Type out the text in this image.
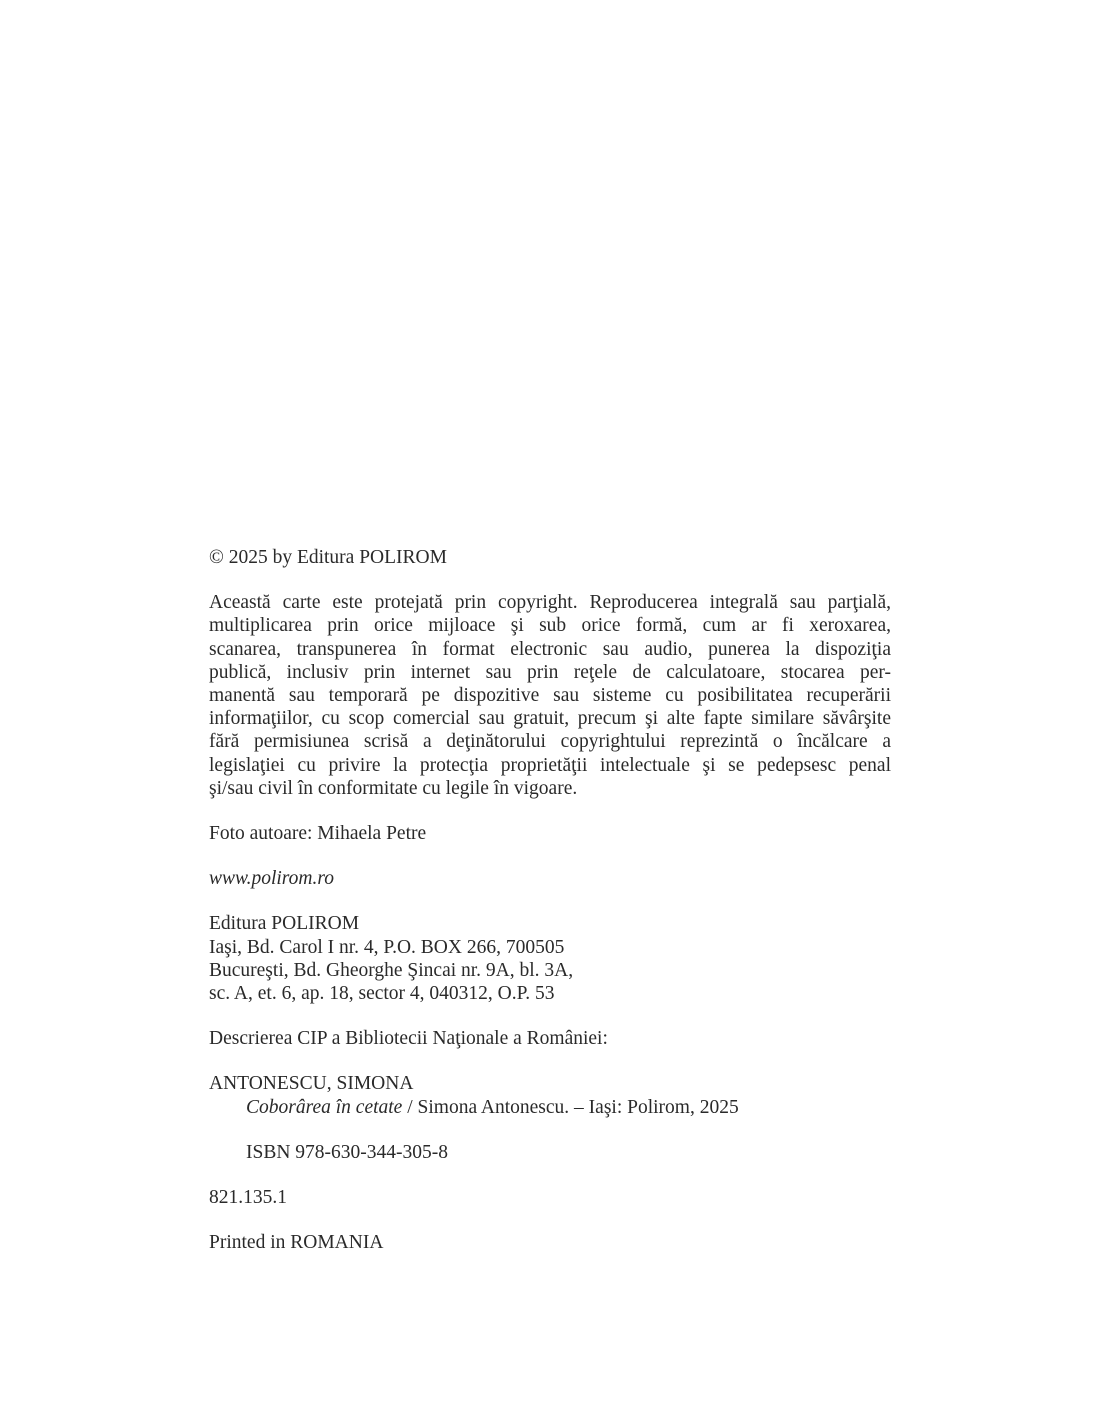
© 2025 by Editura POLIROM

Această carte este protejată prin copyright. Reproducerea integrală sau parţială,
multiplicarea prin orice mijloace şi sub orice formă, cum ar fi xeroxarea,
scanarea, transpunerea în format electronic sau audio, punerea la dispoziţia
publică, inclusiv prin internet sau prin reţele de calculatoare, stocarea per-
manentă sau temporară pe dispozitive sau sisteme cu posibilitatea recuperării
informaţiilor, cu scop comercial sau gratuit, precum şi alte fapte similare săvârşite
fără permisiunea scrisă a deţinătorului copyrightului reprezintă o încălcare a
legislaţiei cu privire la protecţia proprietăţii intelectuale şi se pedepsesc penal
şi/sau civil în conformitate cu legile în vigoare.

Foto autoare: Mihaela Petre

www.polirom.ro

Editura POLIROM
Iaşi, Bd. Carol I nr. 4, P.O. BOX 266, 700505
Bucureşti, Bd. Gheorghe Şincai nr. 9A, bl. 3A,
sc. A, et. 6, ap. 18, sector 4, 040312, O.P. 53

Descrierea CIP a Bibliotecii Naţionale a României:

ANTONESCU, SIMONA

Coborârea în cetate / Simona Antonescu. – Iaşi: Polirom, 2025

ISBN 978-630-344-305-8

821.135.1

Printed in ROMANIA
